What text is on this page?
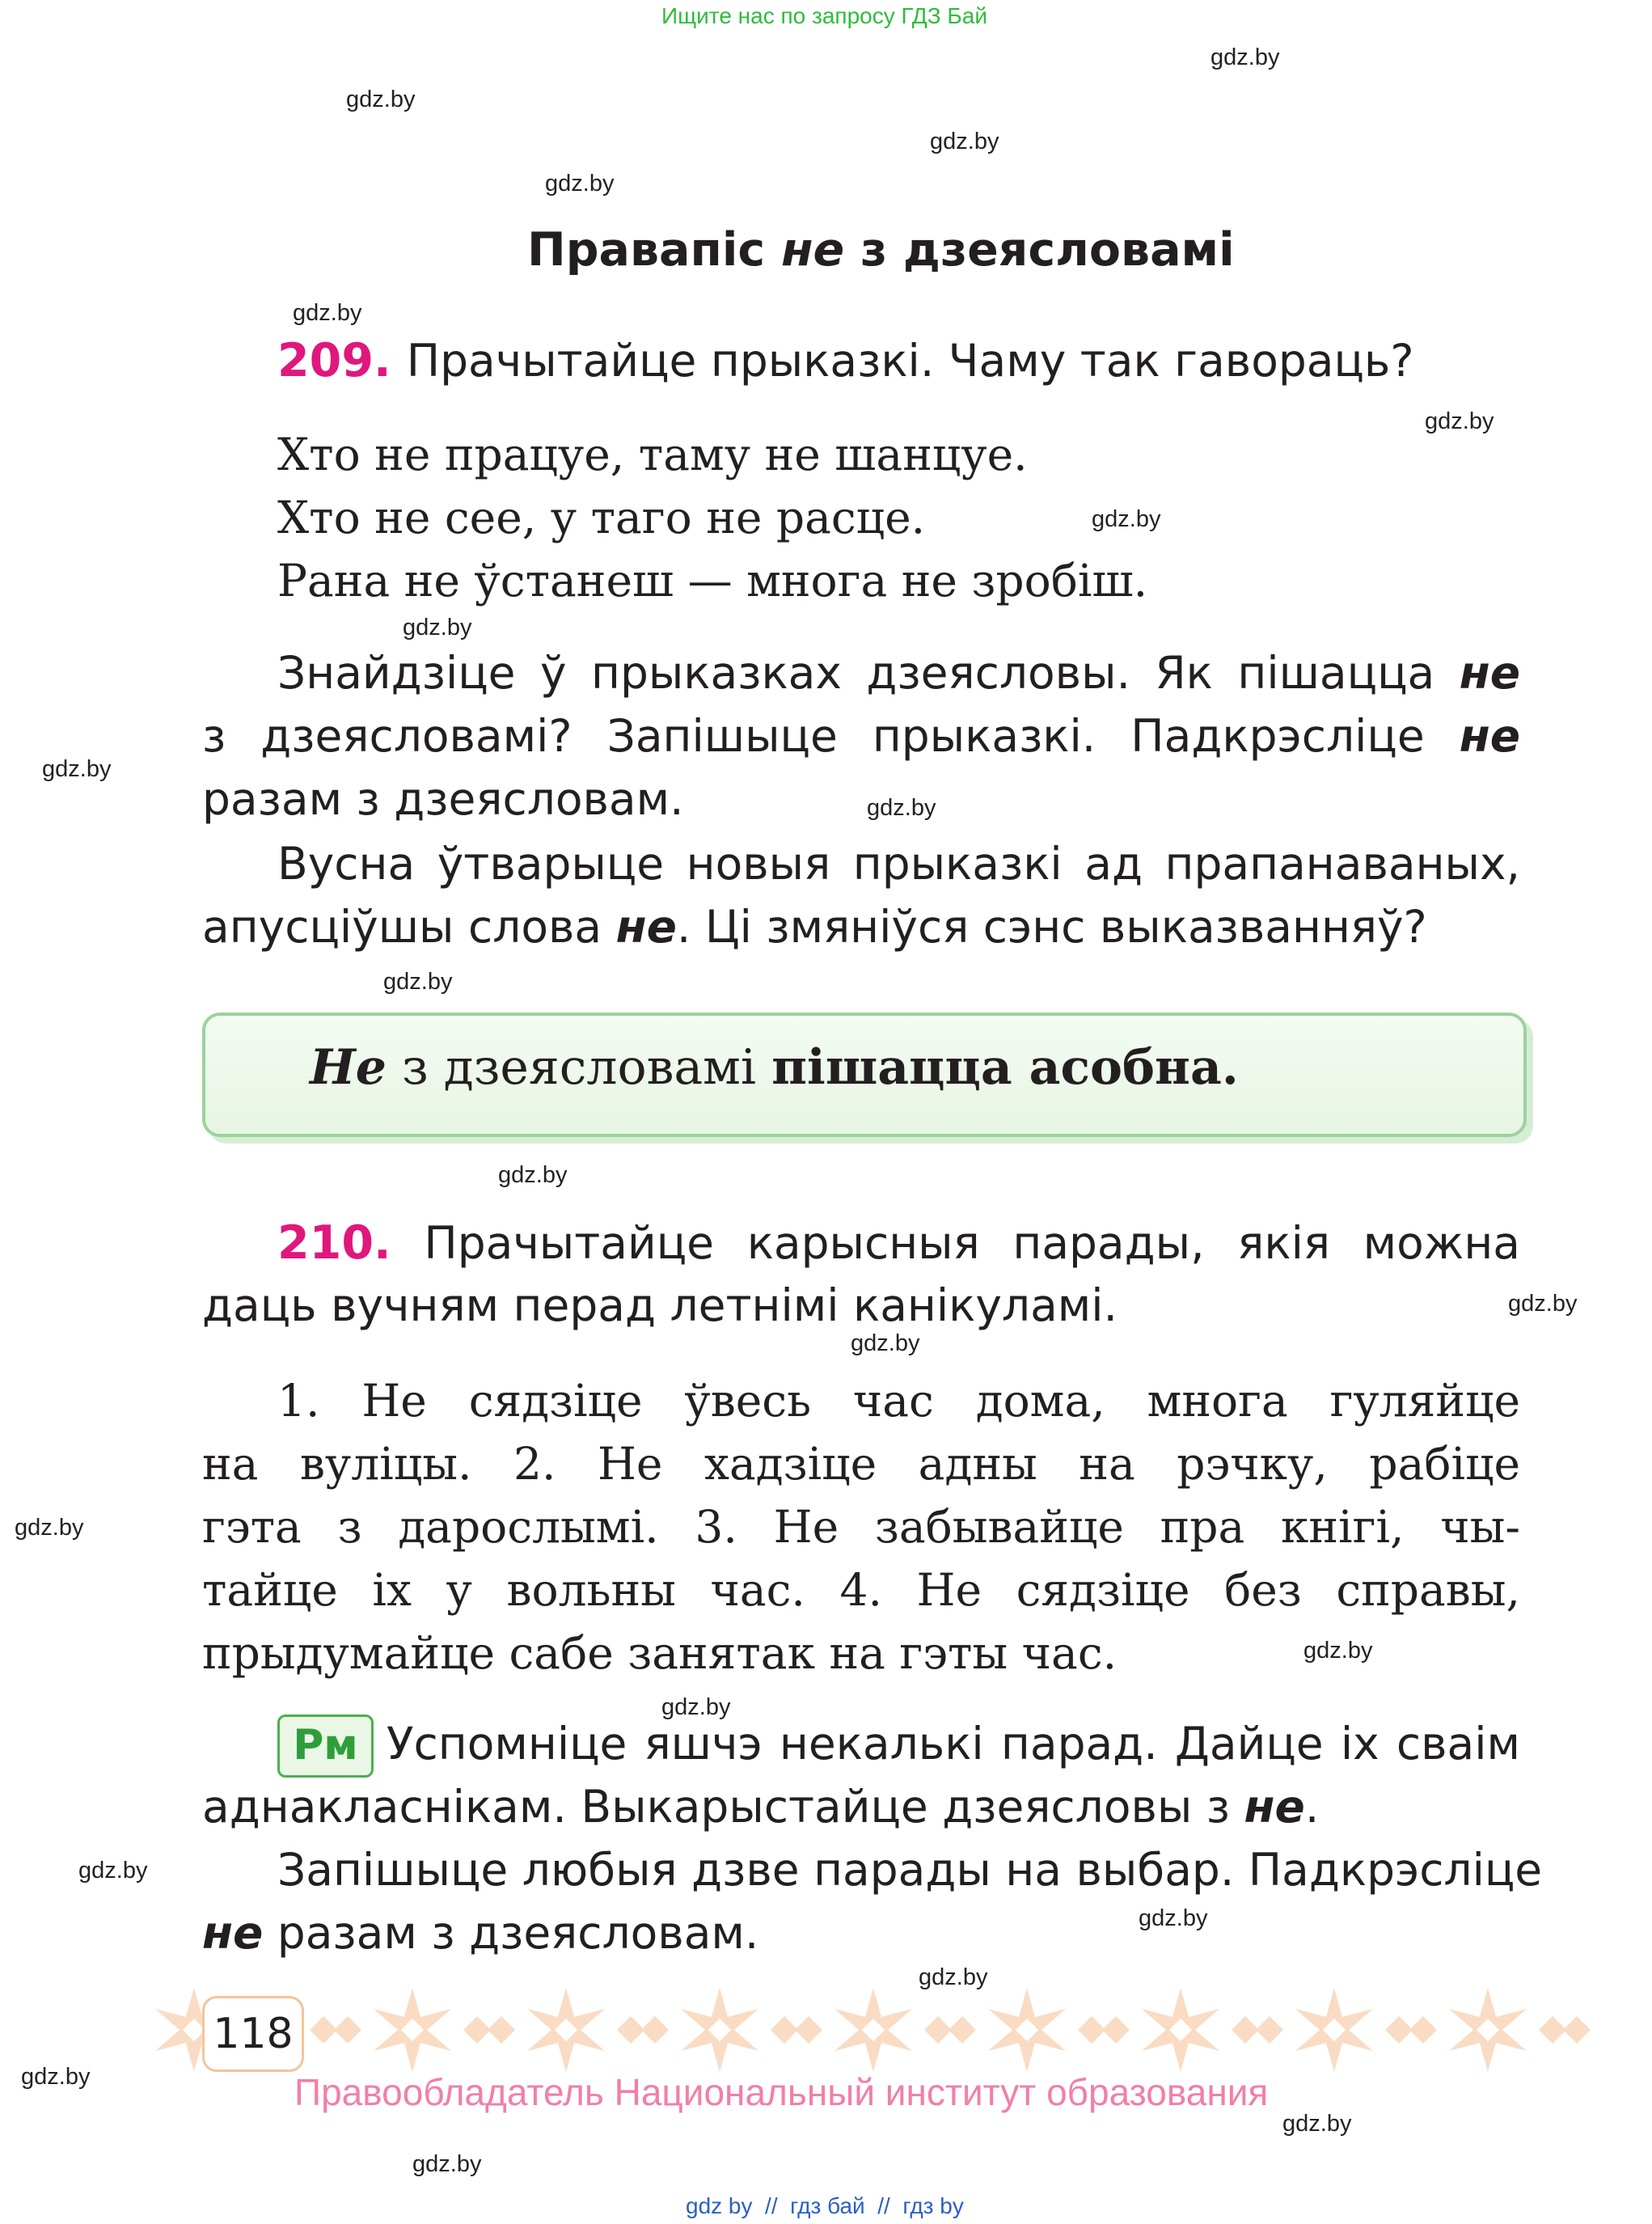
Ищите нас по запросу ГДЗ Бай
gdz.by
gdz.by
gdz.by
gdz.by
gdz.by
gdz.by
gdz.by
gdz.by
gdz.by
gdz.by
gdz.by
gdz.by
gdz.by
gdz.by
gdz.by
gdz.by
gdz.by
gdz.by
gdz.by
gdz.by
gdz.by
gdz.by
gdz.by
Правапіс не з дзеясловамі
209. Прачытайце прыказкі. Чаму так гавораць?
Хто не працуе, таму не шанцуе.
Хто не сее, у таго не расце.
Рана не ўстанеш — многа не зробіш.
Знайдзіце ў прыказках дзеясловы. Як пішацца не
з дзеясловамі? Запішыце прыказкі. Падкрэсліце не
разам з дзеясловам.
Вусна ўтварыце новыя прыказкі ад прапанаваных,
апусціўшы слова не. Ці змяніўся сэнс выказванняў?
Не з дзеясловамі пішацца асобна.
210. Прачытайце карысныя парады, якія можна
даць вучням перад летнімі канікуламі.
1. Не сядзіце ўвесь час дома, многа гуляйце
на вуліцы. 2. Не хадзіце адны на рэчку, рабіце
гэта з дарослымі. 3. Не забывайце пра кнігі, чы-
тайце іх у вольны час. 4. Не сядзіце без справы,
прыдумайце сабе занятак на гэты час.
Рм Успомніце яшчэ некалькі парад. Дайце іх сваім
аднакласнікам. Выкарыстайце дзеясловы з не.
Запішыце любыя дзве парады на выбар. Падкрэсліце
не разам з дзеясловам.
118
Правообладатель Национальный институт образования
gdz by  //  гдз бай  //  гдз by
